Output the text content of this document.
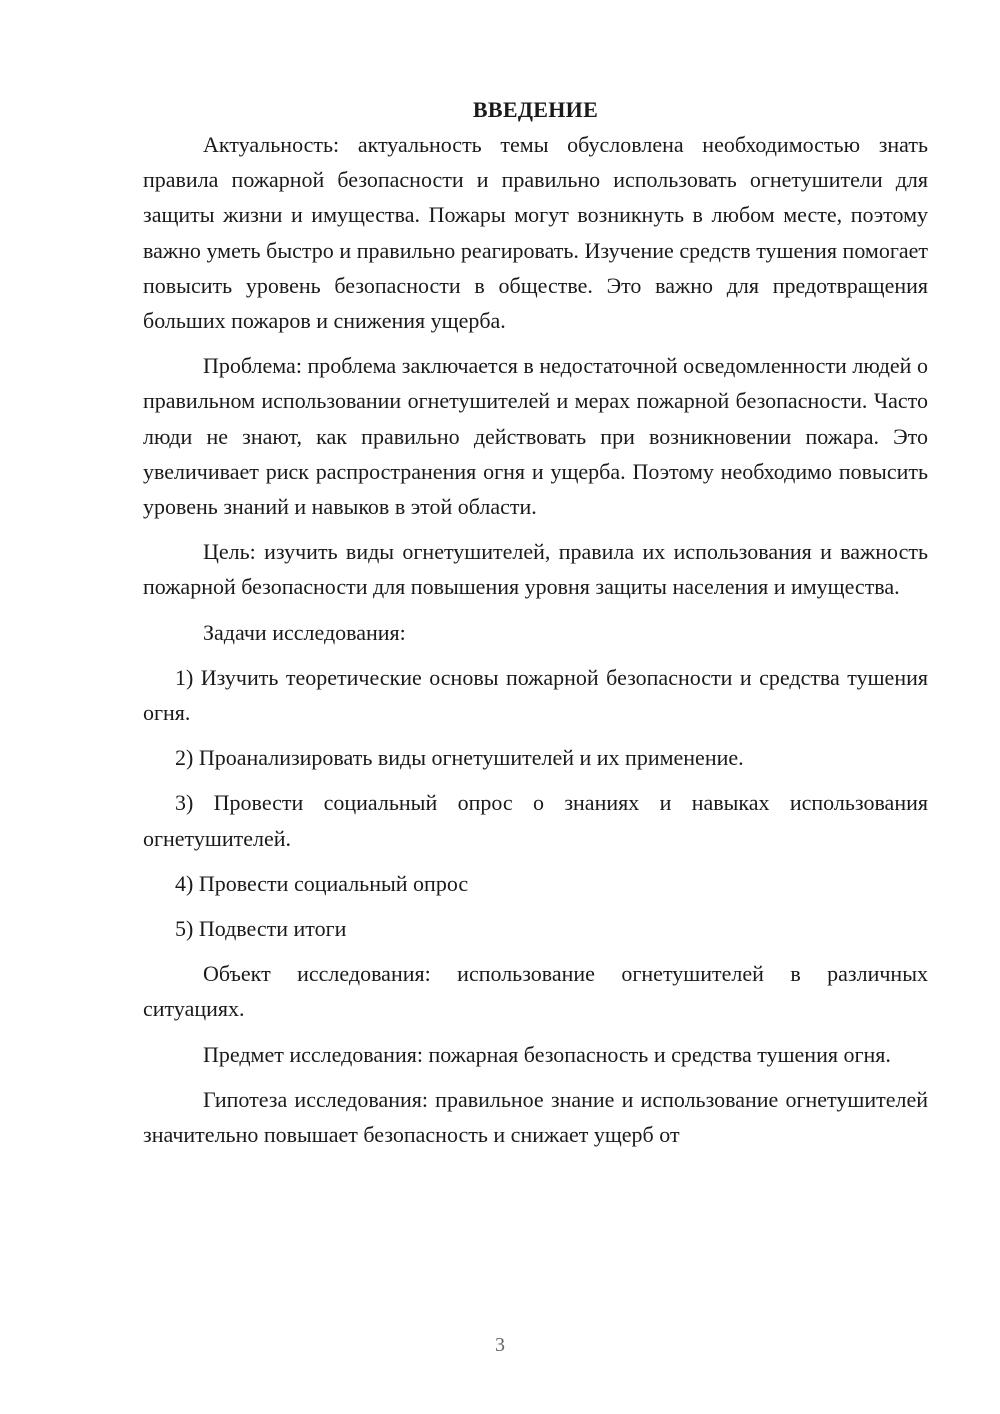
ВВЕДЕНИЕ

Актуальность: актуальность темы обусловлена необходимостью знать правила пожарной безопасности и правильно использовать огнетушители для защиты жизни и имущества. Пожары могут возникнуть в любом месте, поэтому важно уметь быстро и правильно реагировать. Изучение средств тушения помогает повысить уровень безопасности в обществе. Это важно для предотвращения больших пожаров и снижения ущерба.

Проблема: проблема заключается в недостаточной осведомленности людей о правильном использовании огнетушителей и мерах пожарной безопасности. Часто люди не знают, как правильно действовать при возникновении пожара. Это увеличивает риск распространения огня и ущерба. Поэтому необходимо повысить уровень знаний и навыков в этой области.

Цель: изучить виды огнетушителей, правила их использования и важность пожарной безопасности для повышения уровня защиты населения и имущества.

Задачи исследования:

1) Изучить теоретические основы пожарной безопасности и средства тушения огня.

2) Проанализировать виды огнетушителей и их применение.

3) Провести социальный опрос о знаниях и навыках использования огнетушителей.

4) Провести социальный опрос

5) Подвести итоги

Объект исследования: использование огнетушителей в различных ситуациях.

Предмет исследования: пожарная безопасность и средства тушения огня.

Гипотеза исследования: правильное знание и использование огнетушителей значительно повышает безопасность и снижает ущерб от

3
